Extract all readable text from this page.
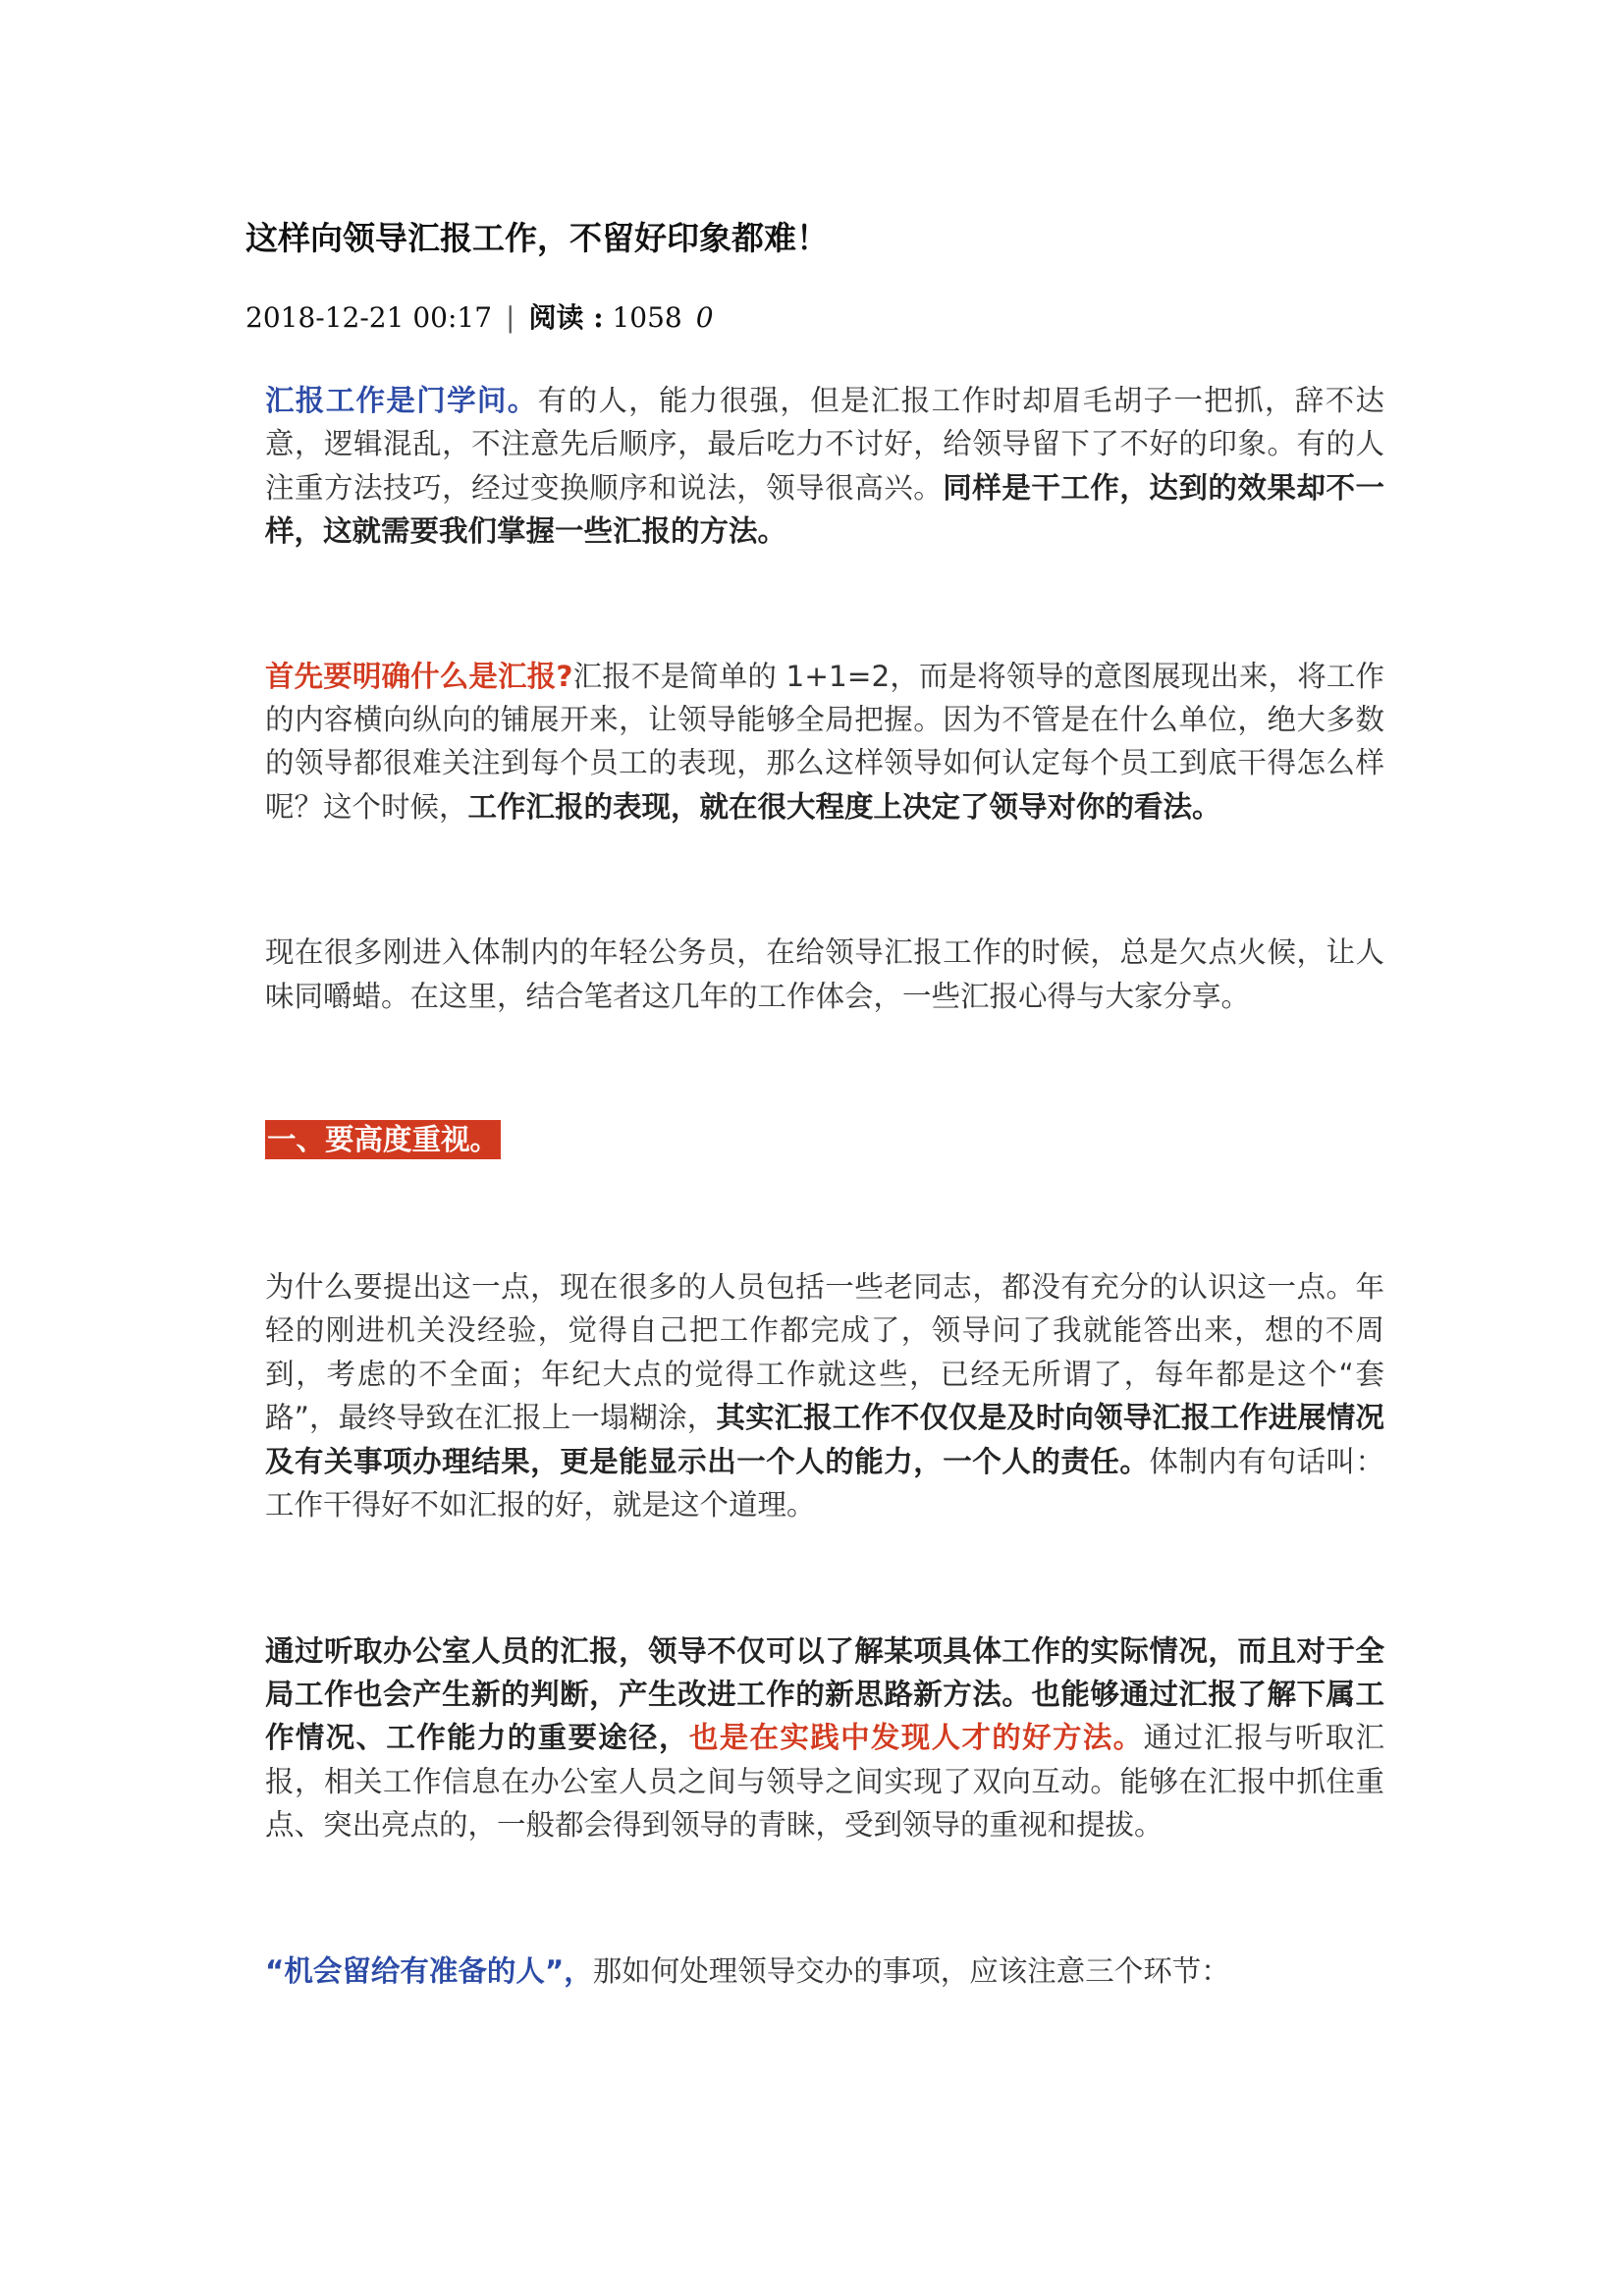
这样向领导汇报工作，不留好印象都难！
2018-12-21 00:17 | 阅读 : 1058 0

汇报工作是门学问。有的人，能力很强，但是汇报工作时却眉毛胡子一把抓，辞不达意，逻辑混乱，不注意先后顺序，最后吃力不讨好，给领导留下了不好的印象。有的人注重方法技巧，经过变换顺序和说法，领导很高兴。同样是干工作，达到的效果却不一样，这就需要我们掌握一些汇报的方法。

首先要明确什么是汇报?汇报不是简单的 1+1=2，而是将领导的意图展现出来，将工作的内容横向纵向的铺展开来，让领导能够全局把握。因为不管是在什么单位，绝大多数的领导都很难关注到每个员工的表现，那么这样领导如何认定每个员工到底干得怎么样呢？这个时候，工作汇报的表现，就在很大程度上决定了领导对你的看法。

现在很多刚进入体制内的年轻公务员，在给领导汇报工作的时候，总是欠点火候，让人味同嚼蜡。在这里，结合笔者这几年的工作体会，一些汇报心得与大家分享。

一、要高度重视。

为什么要提出这一点，现在很多的人员包括一些老同志，都没有充分的认识这一点。年轻的刚进机关没经验，觉得自己把工作都完成了，领导问了我就能答出来，想的不周到，考虑的不全面；年纪大点的觉得工作就这些，已经无所谓了，每年都是这个“套路”，最终导致在汇报上一塌糊涂，其实汇报工作不仅仅是及时向领导汇报工作进展情况及有关事项办理结果，更是能显示出一个人的能力，一个人的责任。体制内有句话叫：工作干得好不如汇报的好，就是这个道理。

通过听取办公室人员的汇报，领导不仅可以了解某项具体工作的实际情况，而且对于全局工作也会产生新的判断，产生改进工作的新思路新方法。也能够通过汇报了解下属工作情况、工作能力的重要途径，也是在实践中发现人才的好方法。通过汇报与听取汇报，相关工作信息在办公室人员之间与领导之间实现了双向互动。能够在汇报中抓住重点、突出亮点的，一般都会得到领导的青睐，受到领导的重视和提拔。

“机会留给有准备的人”，那如何处理领导交办的事项，应该注意三个环节：
